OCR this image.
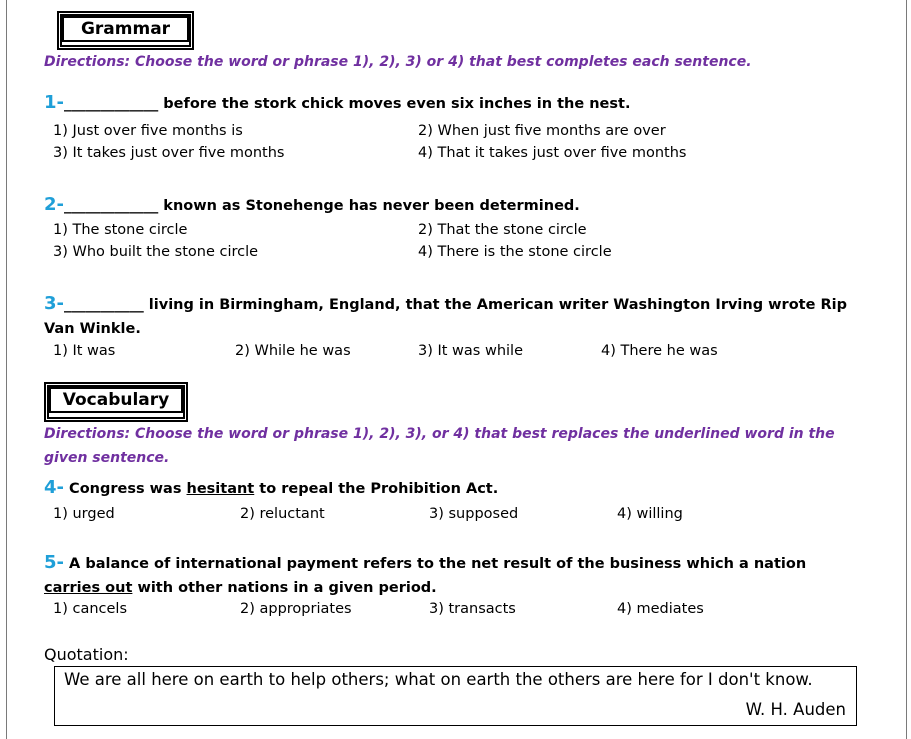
Grammar
Directions: Choose the word or phrase 1), 2), 3) or 4) that best completes each sentence.
1-_____________ before the stork chick moves even six inches in the nest.
1) Just over five months is	2) When just five months are over
3) It takes just over five months	4) That it takes just over five months
2-_____________ known as Stonehenge has never been determined.
1) The stone circle	2) That the stone circle
3) Who built the stone circle	4) There is the stone circle
3-___________ living in Birmingham, England, that the American writer Washington Irving wrote Rip Van Winkle.
1) It was	2) While he was	3) It was while	4) There he was
Vocabulary
Directions: Choose the word or phrase 1), 2), 3), or 4) that best replaces the underlined word in the given sentence.
4- Congress was hesitant to repeal the Prohibition Act.
1) urged	2) reluctant	3) supposed	4) willing
5- A balance of international payment refers to the net result of the business which a nation carries out with other nations in a given period.
1) cancels	2) appropriates	3) transacts	4) mediates
Quotation:
We are all here on earth to help others; what on earth the others are here for I don't know.
W. H. Auden
